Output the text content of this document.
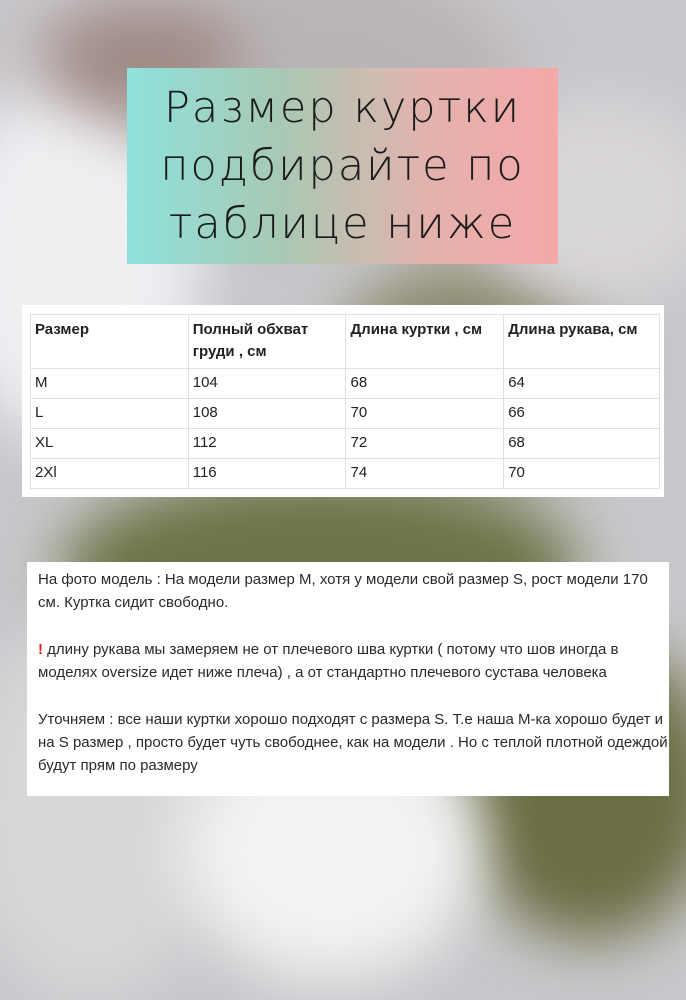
Размер куртки
подбирайте по
таблице ниже
Размер	Полный обхват груди , см	Длина куртки , см	Длина рукава, см
M	104	68	64
L	108	70	66
XL	112	72	68
2Xl	116	74	70

На фото модель : На модели размер М, хотя у модели свой размер S, рост модели 170 см. Куртка сидит свободно.

! длину рукава мы замеряем не от плечевого шва куртки ( потому что шов иногда в моделях oversize идет ниже плеча) , а от стандартно плечевого сустава человека

Уточняем : все наши куртки хорошо подходят с размера S. Т.е наша М-ка хорошо будет и на S размер , просто будет чуть свободнее, как на модели . Но с теплой плотной одеждой будут прям по размеру
